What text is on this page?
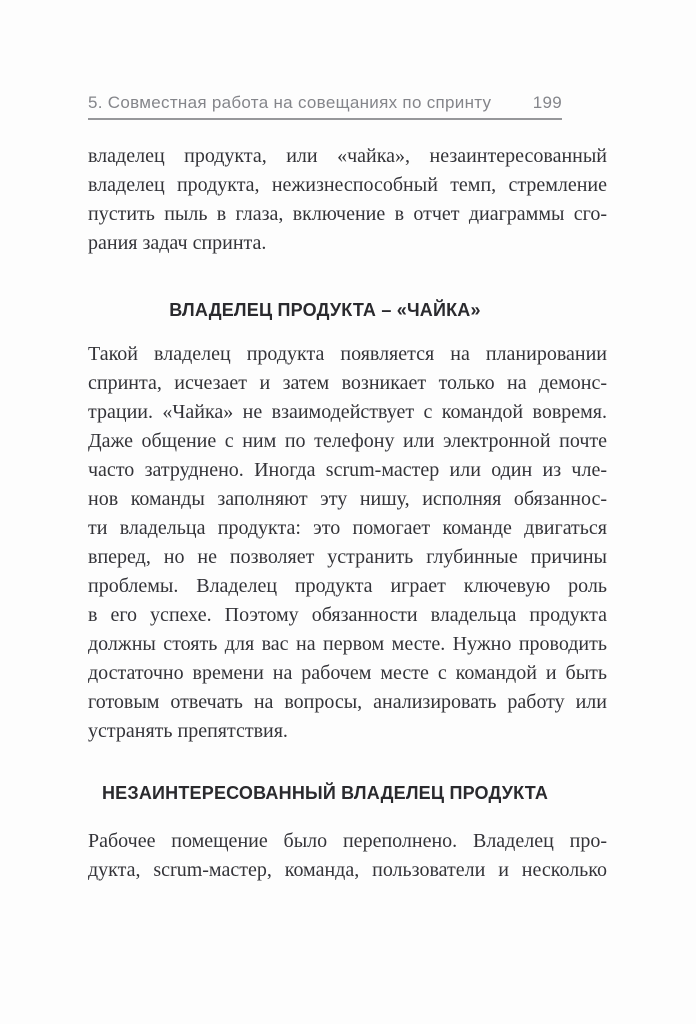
5. Совместная работа на совещаниях по спринту 199
владелец продукта, или «чайка», незаинтересованный
владелец продукта, нежизнеспособный темп, стремление
пустить пыль в глаза, включение в отчет диаграммы сго-
рания задач спринта.
ВЛАДЕЛЕЦ ПРОДУКТА – «ЧАЙКА»
Такой владелец продукта появляется на планировании
спринта, исчезает и затем возникает только на демонс-
трации. «Чайка» не взаимодействует с командой вовремя.
Даже общение с ним по телефону или электронной почте
часто затруднено. Иногда scrum-мастер или один из чле-
нов команды заполняют эту нишу, исполняя обязаннос-
ти владельца продукта: это помогает команде двигаться
вперед, но не позволяет устранить глубинные причины
проблемы. Владелец продукта играет ключевую роль
в его успехе. Поэтому обязанности владельца продукта
должны стоять для вас на первом месте. Нужно проводить
достаточно времени на рабочем месте с командой и быть
готовым отвечать на вопросы, анализировать работу или
устранять препятствия.
НЕЗАИНТЕРЕСОВАННЫЙ ВЛАДЕЛЕЦ ПРОДУКТА
Рабочее помещение было переполнено. Владелец про-
дукта, scrum-мастер, команда, пользователи и несколько
